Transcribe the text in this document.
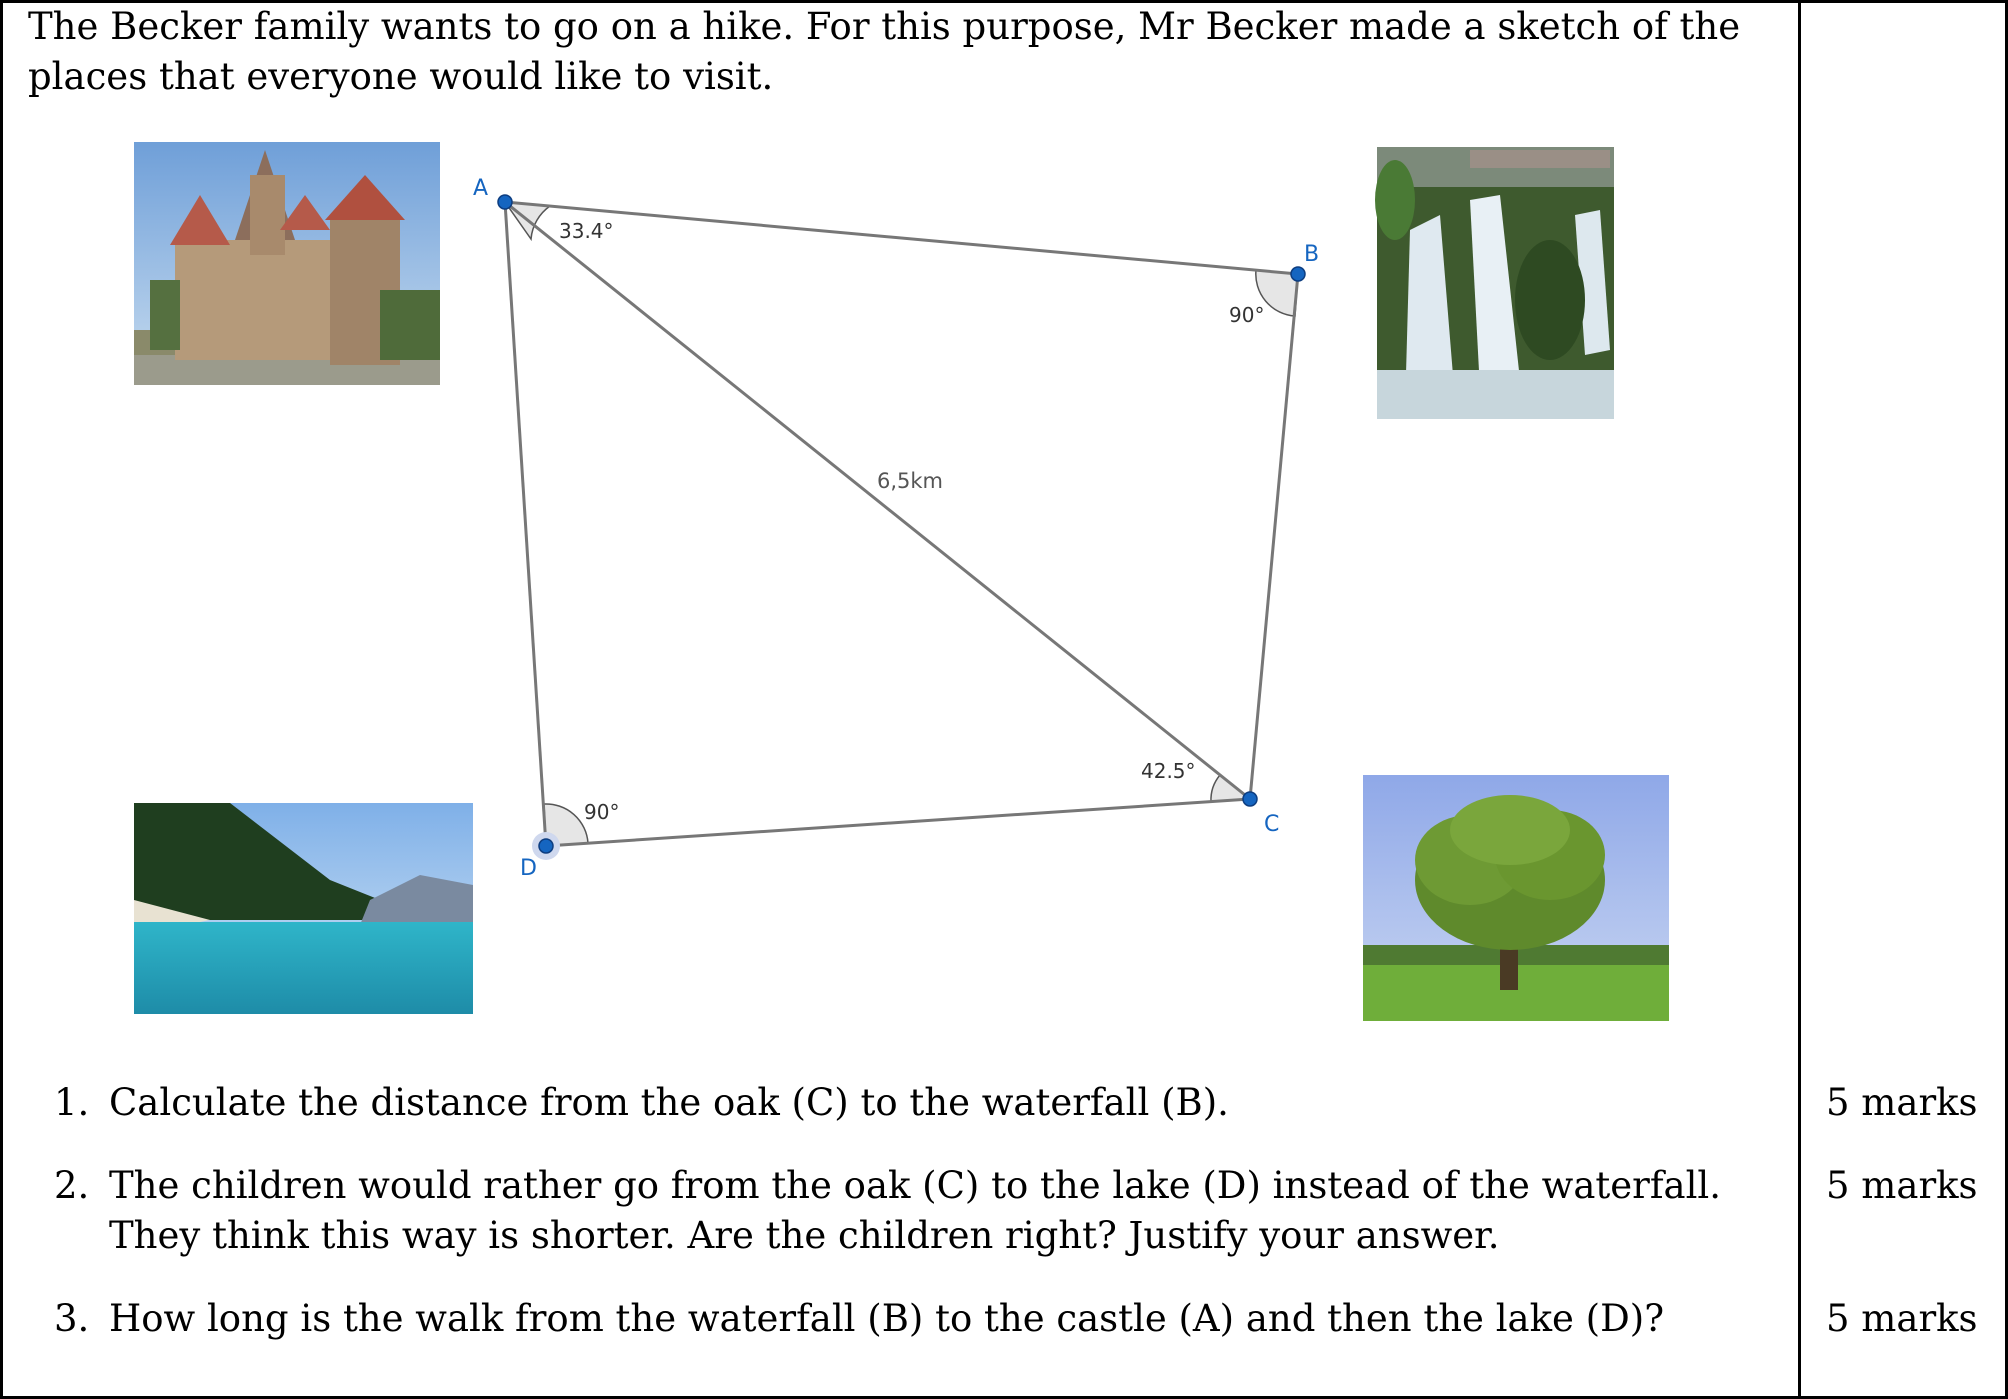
The Becker family wants to go on a hike. For this purpose, Mr Becker made a sketch of the places that everyone would like to visit.

A
B
C
D
33.4°
90°
42.5°
90°
6,5km
1. Calculate the distance from the oak (C) to the waterfall (B).	5 marks
2. The children would rather go from the oak (C) to the lake (D) instead of the waterfall. They think this way is shorter. Are the children right? Justify your answer.
5 marks
3. How long is the walk from the waterfall (B) to the castle (A) and then the lake (D)?	5 marks
